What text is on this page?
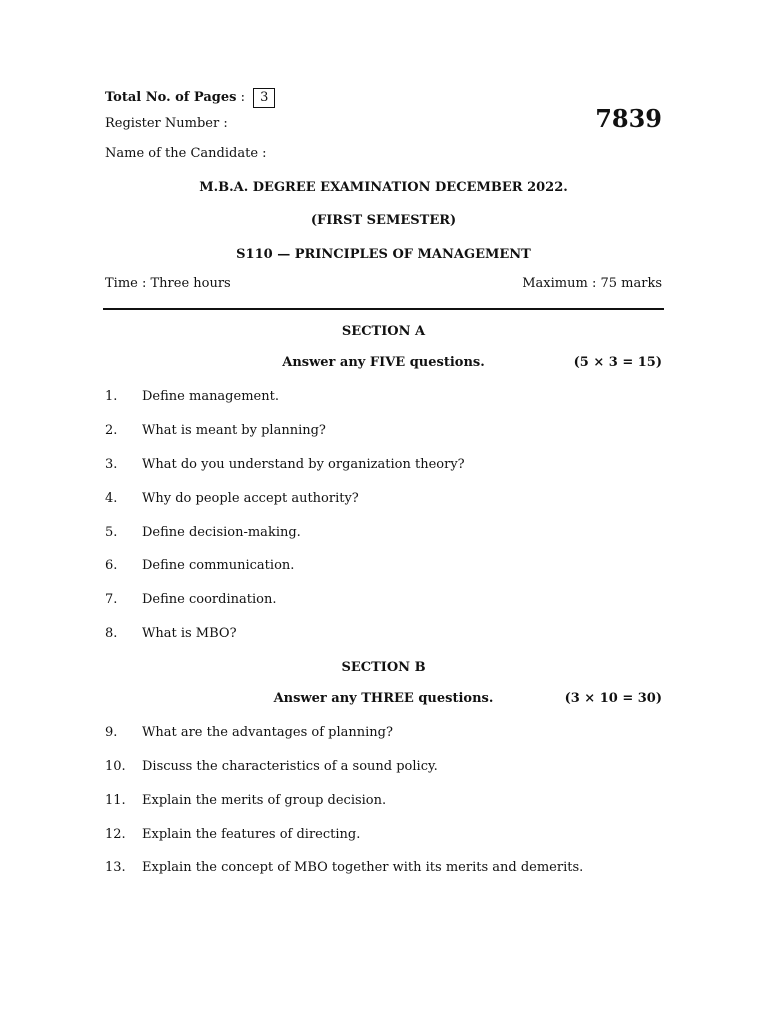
Total No. of Pages : 3
7839
Register Number :
Name of the Candidate :
M.B.A. DEGREE EXAMINATION DECEMBER 2022.
(FIRST SEMESTER)
S110 — PRINCIPLES OF MANAGEMENT
Time : Three hours	Maximum : 75 marks
SECTION A
Answer any FIVE questions.	(5 × 3 = 15)
1. Define management.
2. What is meant by planning?
3. What do you understand by organization theory?
4. Why do people accept authority?
5. Define decision-making.
6. Define communication.
7. Define coordination.
8. What is MBO?
SECTION B
Answer any THREE questions.	(3 × 10 = 30)
9. What are the advantages of planning?
10. Discuss the characteristics of a sound policy.
11. Explain the merits of group decision.
12. Explain the features of directing.
13. Explain the concept of MBO together with its merits and demerits.
